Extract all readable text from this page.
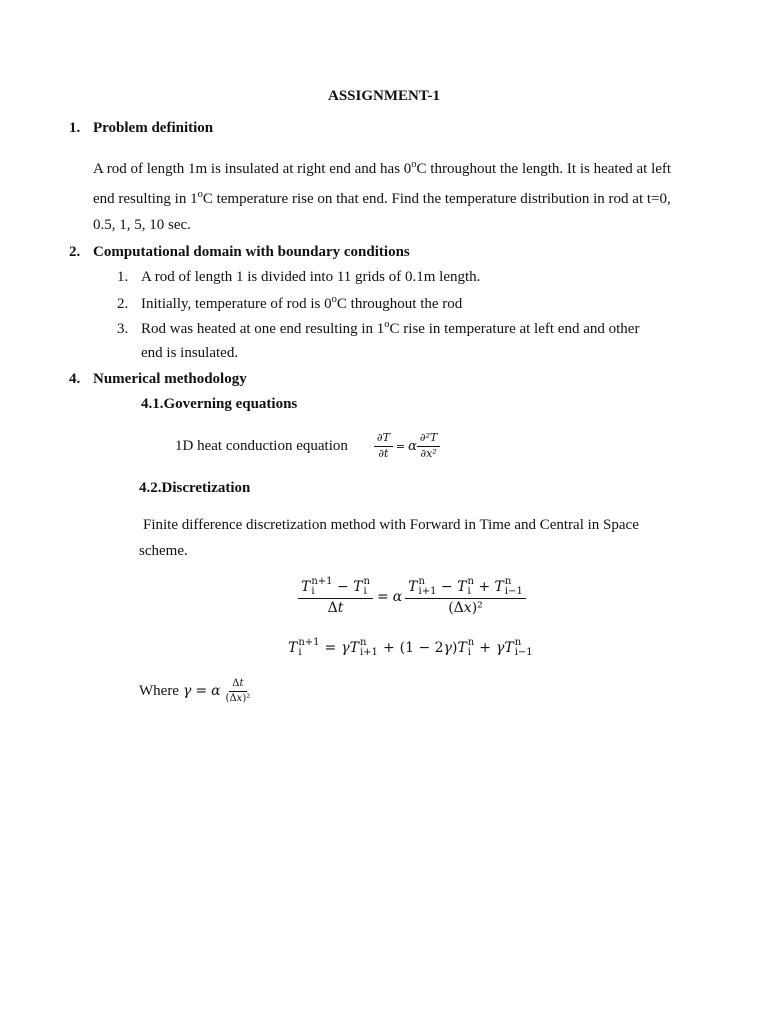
ASSIGNMENT-1
1. Problem definition
A rod of length 1m is insulated at right end and has 0$^o$C throughout the length. It is heated at left end resulting in 1$^o$C temperature rise on that end. Find the temperature distribution in rod at t=0, 0.5, 1, 5, 10 sec.
2. Computational domain with boundary conditions
1. A rod of length 1 is divided into 11 grids of 0.1m length.
2. Initially, temperature of rod is 0$^o$C throughout the rod
3. Rod was heated at one end resulting in 1$^o$C rise in temperature at left end and other
end is insulated.
4. Numerical methodology
4.1.Governing equations
1D heat conduction equation $\frac{\partial T}{\partial t} = \alpha \frac{\text{∂²T}}{\text{∂x²}}$
4.2.Discretization
Finite difference discretization method with Forward in Time and Central in Space
scheme.
T n+1
i	− T n
i
Δt = α T n
i+1 − T n
i + T n
i−1
(Δx)²
T n+1
i	= γT n
i+1 + (1 − 2 γ ) T n
i + γT n
i−1
Where γ = α $\frac{\Delta t}{\text{(Δx)²}}$
